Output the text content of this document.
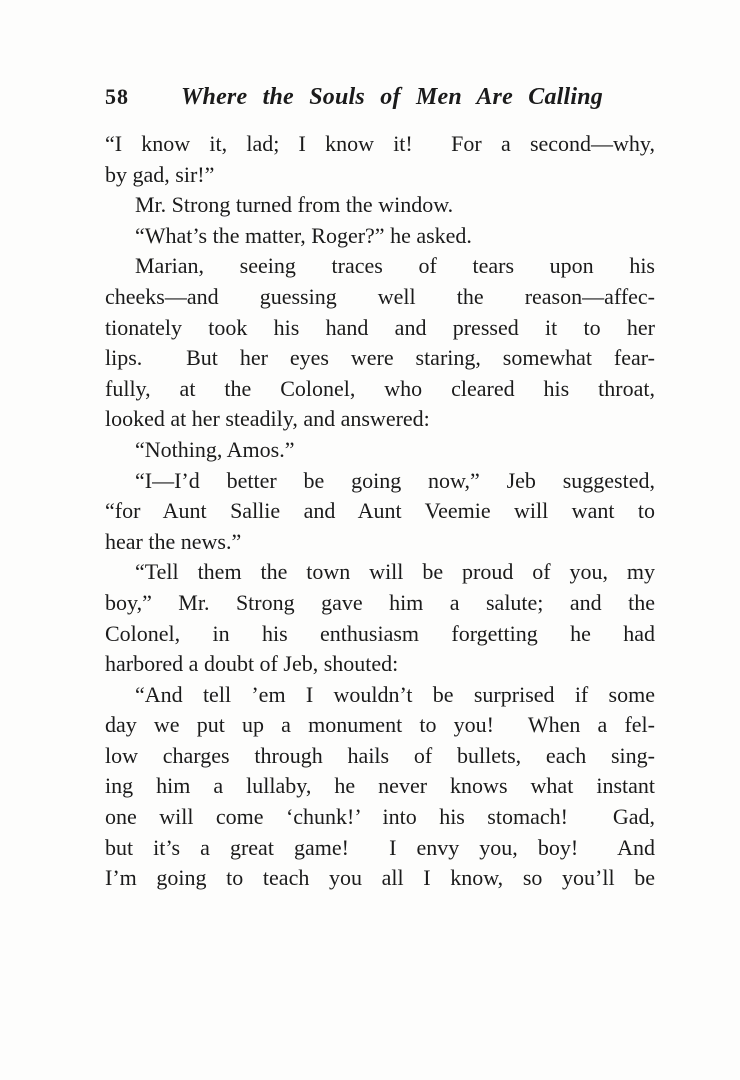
58	Where the Souls of Men Are Calling

“I know it, lad; I know it!  For a second—why,
by gad, sir!”

Mr. Strong turned from the window.

“What’s the matter, Roger?” he asked.

Marian, seeing traces of tears upon his
cheeks—and guessing well the reason—affec-
tionately took his hand and pressed it to her
lips.  But her eyes were staring, somewhat fear-
fully, at the Colonel, who cleared his throat,
looked at her steadily, and answered:

“Nothing, Amos.”

“I—I’d better be going now,” Jeb suggested,
“for Aunt Sallie and Aunt Veemie will want to
hear the news.”

“Tell them the town will be proud of you, my
boy,” Mr. Strong gave him a salute; and the
Colonel, in his enthusiasm forgetting he had
harbored a doubt of Jeb, shouted:

“And tell ’em I wouldn’t be surprised if some
day we put up a monument to you!  When a fel-
low charges through hails of bullets, each sing-
ing him a lullaby, he never knows what instant
one will come ‘chunk!’ into his stomach!  Gad,
but it’s a great game!  I envy you, boy!  And
I’m going to teach you all I know, so you’ll be
